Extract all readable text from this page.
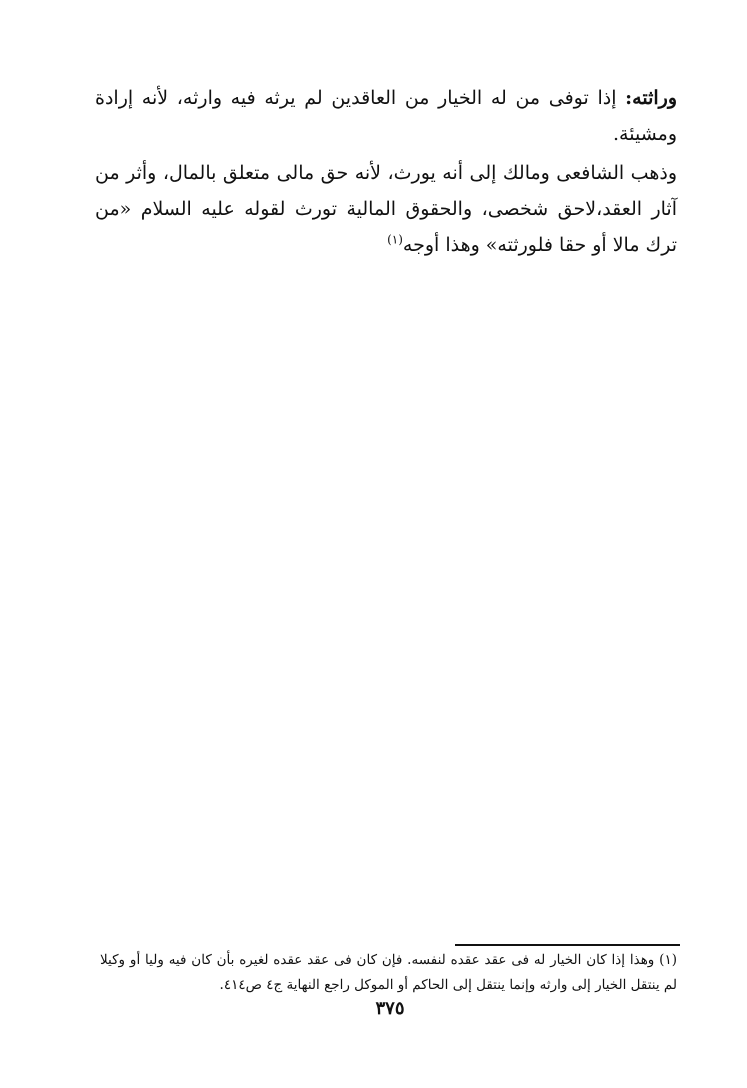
وراثته: إذا توفى من له الخيار من العاقدين لم يرثه فيه وارثه، لأنه إرادة ومشيئة.

وذهب الشافعى ومالك إلى أنه يورث، لأنه حق مالى متعلق بالمال، وأثر من آثار العقد،لاحق شخصى، والحقوق المالية تورث لقوله عليه السلام «من ترك مالا أو حقا فلورثته» وهذا أوجه$^{(١)}$

(١) وهذا إذا كان الخيار له فى عقد عقده لنفسه. فإن كان فى عقد عقده لغيره بأن كان فيه وليا أو وكيلا لم ينتقل الخيار إلى وارثه وإنما ينتقل إلى الحاكم أو الموكل راجع النهاية ج٤ ص٤١٤.

٣٧٥
